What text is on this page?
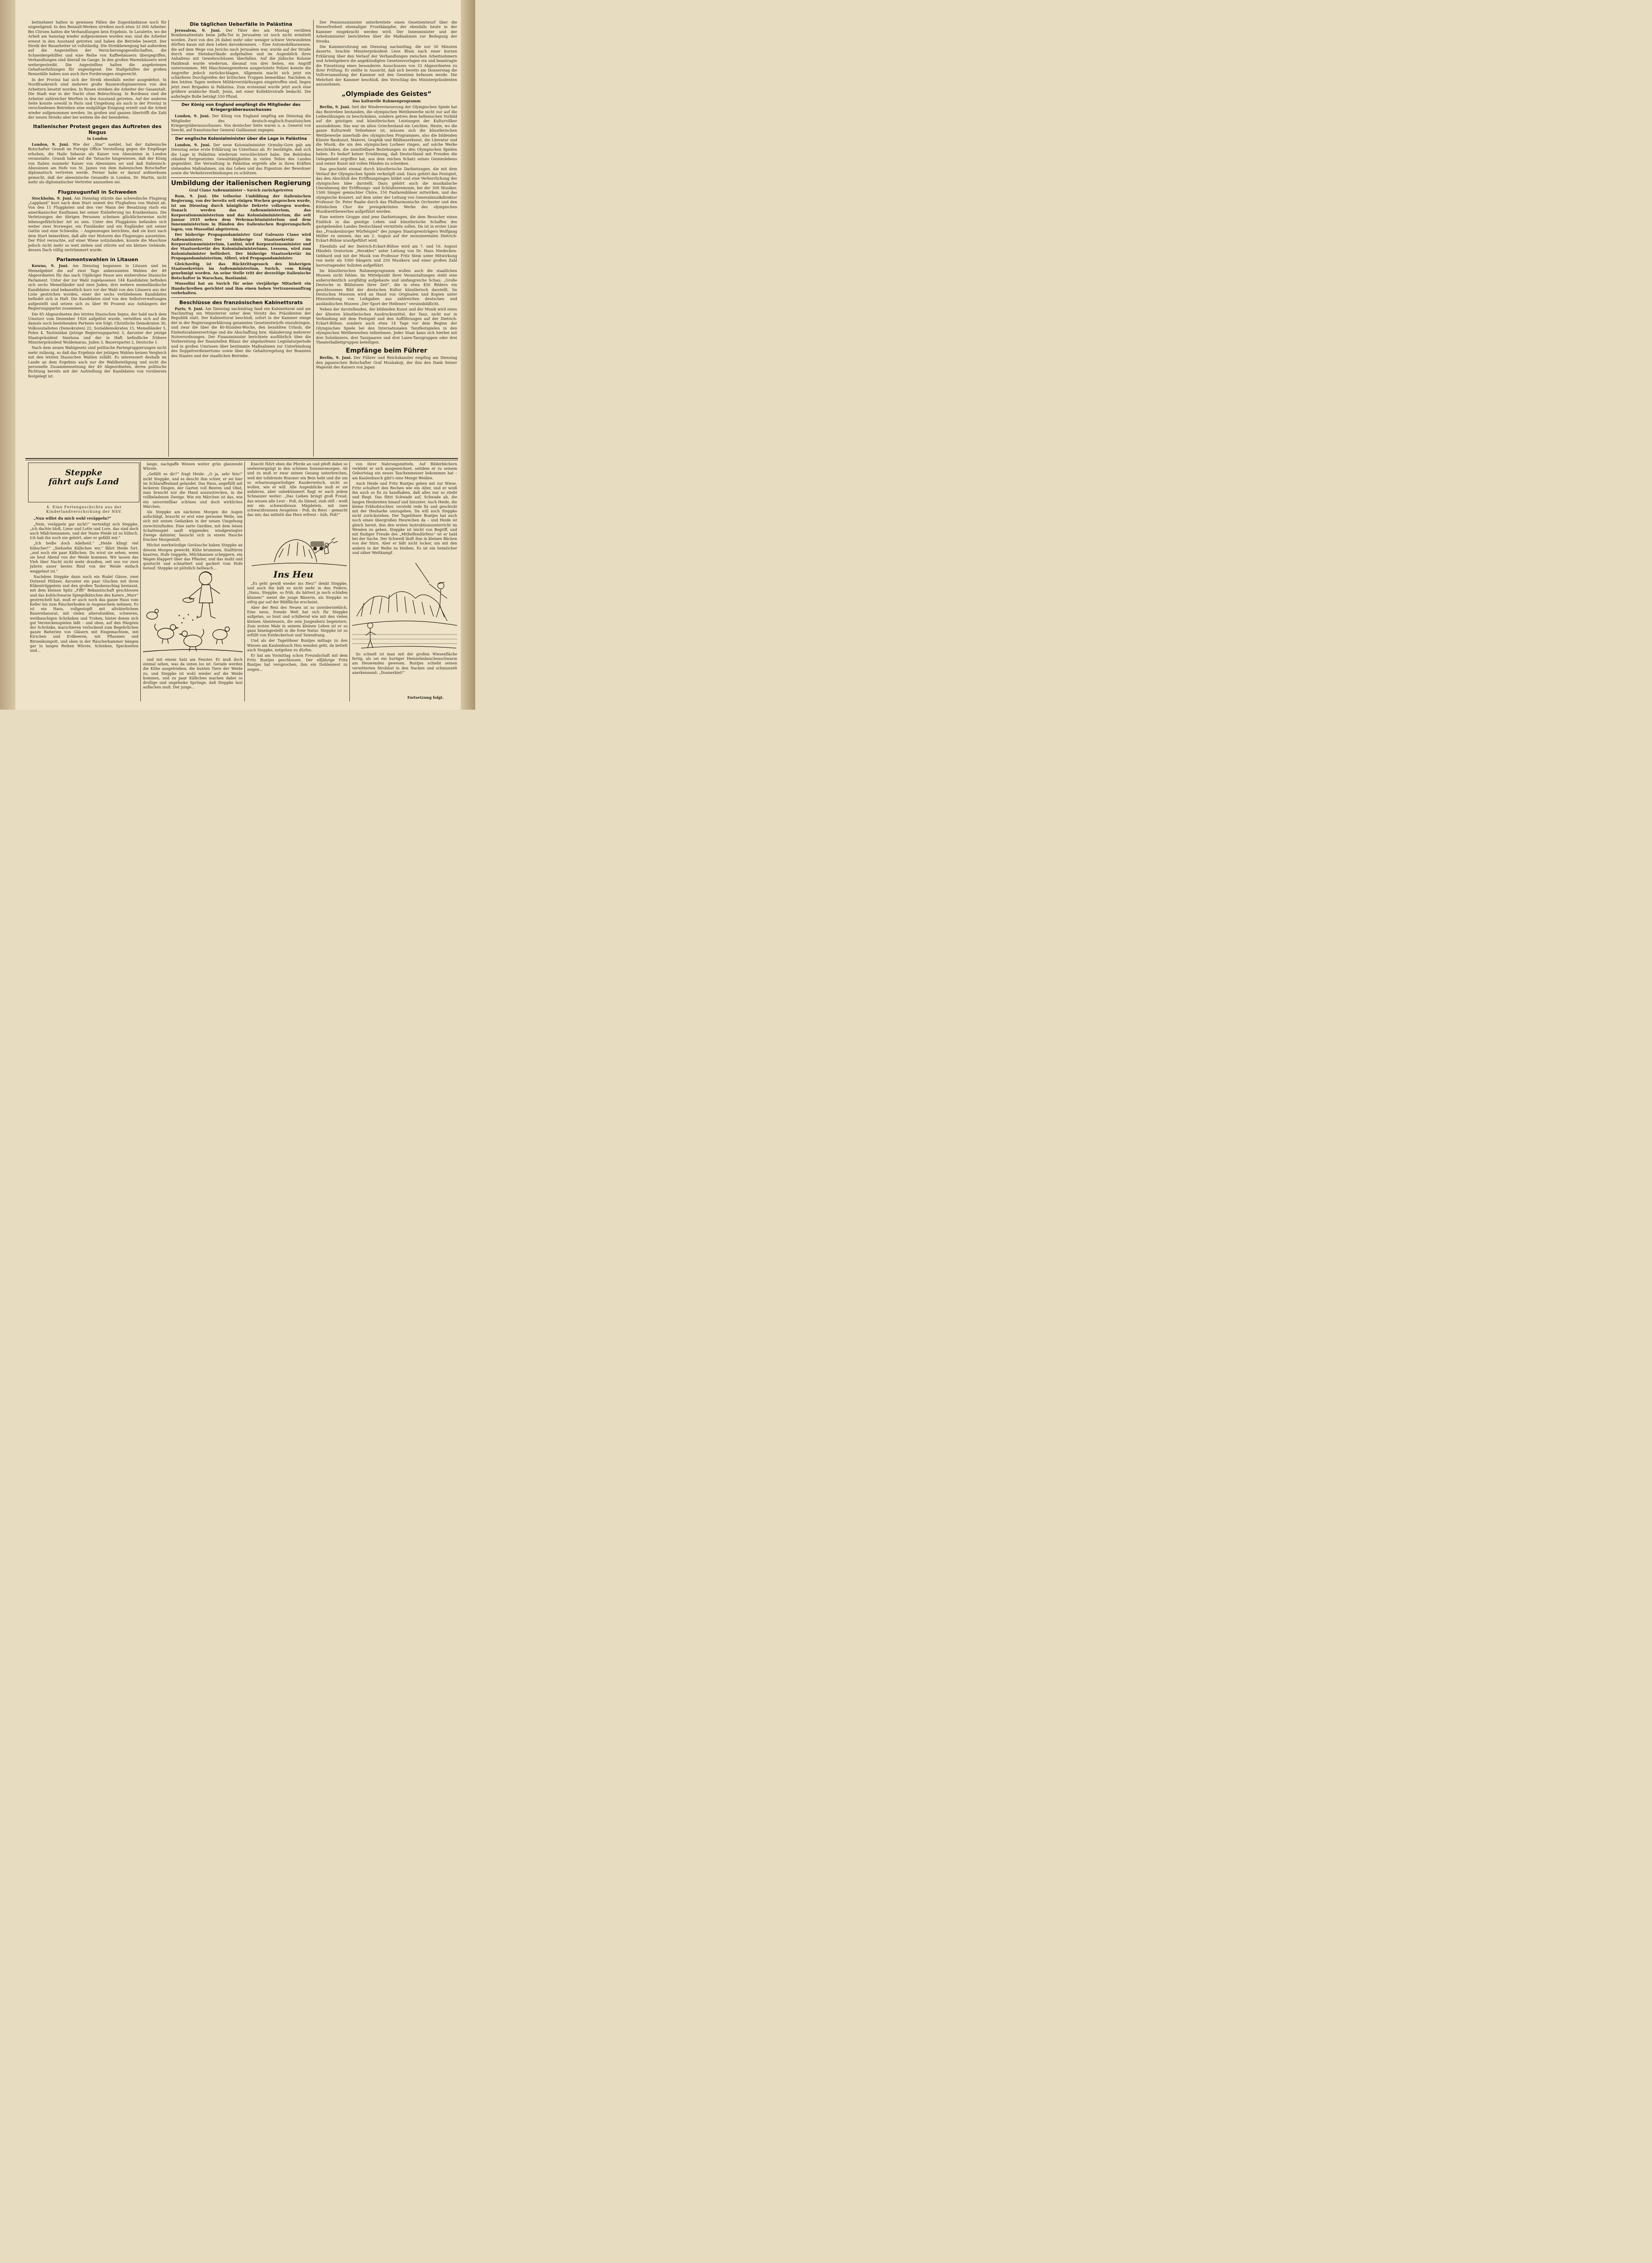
beitnehmer halten in gewissen Fällen die Zugeständnisse noch für ungenügend. In den Renault-Werken streiken noch etwa 32 000 Arbeiter. Bei Citroen hatten die Verhandlungen kein Ergebnis. In Lavalette, wo die Arbeit am Samstag wieder aufgenommen worden war, sind die Arbeiter erneut in den Ausstand getreten und haben die Betriebe besetzt. Der Streik der Bauarbeiter ist vollständig. Die Streikbewegung hat außerdem auf die Angestellten der Versicherungsgesellschaften, die Schneidergehilfen und eine Reihe von Kaffeehäusern übergegriffen. Verhandlungen sind überall im Gange. In den großen Warenhäusern wird weitergestreikt. Die Angestellten halten die angebotenen Gehaltserhöhungen für ungenügend. Die Stallgehilfen der großen Rennställe haben nun auch ihre Forderungen eingereicht.

In der Provinz hat sich der Streik ebenfalls weiter ausgedehnt. In Nordfrankreich sind mehrere große Baumwollspinnereien von den Arbeitern besetzt worden. In Rouen streiken die Arbeiter der Gasanstalt. Die Stadt war in der Nacht ohne Beleuchtung. In Bordeaux sind die Arbeiter zahlreicher Werften in den Ausstand getreten. Auf der anderen Seite konnte sowohl in Paris und Umgebung als auch in der Provinz in verschiedenen Betrieben eine endgültige Einigung erzielt und die Arbeit wieder aufgenommen werden. Im großen und ganzen übertrifft die Zahl der neuen Streiks aber bei weitem die der beendeten.

Italienischer Protest gegen das Auftreten des Negus
in London

London, 9. Juni. Wie der „Star“ meldet, hat der italienische Botschafter Grandi im Foreign Office Vorstellung gegen die Empfänge erhoben, die Haile Selassie als Kaiser von Abessinien in London veranstalte. Grandi habe auf die Tatsache hingewiesen, daß der König von Italien nunmehr Kaiser von Abessinien sei und daß Italienisch-Abessinien am Hofe von St. James von dem italienischen Botschafter diplomatisch vertreten werde. Ferner habe er darauf aufmerksam gemacht, daß der abessinische Gesandte in London, Dr. Martin, nicht mehr als diplomatischer Vertreter anzusehen sei.

Flugzeugunfall in Schweden

Stockholm, 9. Juni. Am Dienstag stürzte das schwedische Flugzeug „Lappland“ kurz nach dem Start unweit des Flughafens von Malmö ab. Von den 11 Fluggästen und den vier Mann der Besatzung starb ein amerikanischer Kaufmann bei seiner Einlieferung ins Krankenhaus. Die Verletzungen der übrigen Personen scheinen glücklicherweise nicht lebensgefährlicher Art zu sein. Unter den Fluggästen befanden sich weiter zwei Norweger, ein Finnländer und ein Engländer mit seiner Gattin und eine Schwedin. – Augenzeugen berichten, daß sie kurz nach dem Start bemerkten, daß alle vier Motoren des Flugzeuges aussetzten. Der Pilot versuchte, auf einer Wiese notzulanden, konnte die Maschine jedoch nicht mehr so weit ziehen und stürzte auf ein kleines Gebäude, dessen Dach völlig zertrümmert wurde.

Parlamentswahlen in Litauen

Kowno, 9. Juni. Am Dienstag begannen in Litauen und im Memelgebiet die auf zwei Tage anberaumten Wahlen der 49 Abgeordneten für das nach 10jähriger Pause neu einberufene litauische Parlament. Unter der zur Wahl zugelassenen 144 Kandidaten befinden sich sechs Memelländer und zwei Juden; drei weitere memelländische Kandidaten sind bekanntlich kurz vor der Wahl von den Litauern aus der Liste gestrichen worden, einer der sechs verbliebenen Kandidaten befindet sich in Haft. Die Kandidaten sind von den Selbstverwaltungen aufgestellt und setzen sich zu über 90 Prozent aus Anhängern der Regierungspartei zusammen.

Die 85 Abgeordneten des letzten litauischen Sejms, der bald nach dem Umsturz vom Dezember 1926 aufgelöst wurde, verteilten sich auf die damals noch bestehenden Parteien wie folgt: Christliche Demokraten 30, Volkssozialisten (Demokraten) 22, Sozialdemokraten 15, Memelländer 5, Polen 4, Tautininkai (jetzige Regierungspartei) 3, darunter der jetzige Staatspräsident Smetona und der in Haft befindliche frühere Ministerpräsident Woldemaras, Juden 3, Bauernpartei 2, Deutsche 1.

Nach dem neuen Wahlgesetz sind politische Parteigruppierungen nicht mehr zulässig, so daß das Ergebnis der jetzigen Wahlen keinen Vergleich mit den letzten litauischen Wahlen zuläßt. Es interessiert deshalb im Lande an dem Ergebnis auch nur die Wahlbeteiligung und nicht die personelle Zusammensetzung der 49 Abgeordneten, deren politische Richtung bereits mit der Aufstellung der Kandidaten von vornherein festgelegt ist.

Die täglichen Ueberfälle in Palästina

Jerusalem, 9. Juni. Der Täter des am Montag verübten Bombenattentats beim Jaffa-Tor in Jerusalem ist noch nicht ermittelt worden. Zwei von den 26 dabei mehr oder weniger schwer Verwundeten dürften kaum mit dem Leben davonkommen. – Eine Automobilkarawane, die auf dem Wege von Jericho nach Jerusalem war, wurde auf der Straße durch eine Steinbarrikade aufgehalten und im Augenblick ihres Anhaltens mit Gewehrschüssen überfallen. Auf die jüdische Kolonie Hatikwah wurde wiederum, diesmal von drei Seiten, ein Angriff unternommen. Mit Maschinengewehren ausgerüstete Polizei konnte die Angreifer jedoch zurückschlagen. Allgemein macht sich jetzt ein schärferes Durchgreifen der britischen Truppen bemerkbar. Nachdem in den letzten Tagen weitere Militärverstärkungen eingetroffen sind, liegen jetzt zwei Brigaden in Palästina. Zum erstenmal wurde jetzt auch eine größere arabische Stadt, Jenin, mit einer Kollektivstrafe bedacht. Die auferlegte Buße beträgt 550 Pfund.

Der König von England empfängt die Mitglieder des Kriegergräberausschusses

London, 9. Juni. Der König von England empfing am Dienstag die Mitglieder des deutsch-englisch-französischen Kriegergräberausschusses. Von deutscher Seite waren u. a. General von Seeckt, auf französischer General Guillaumat zugegen.

Der englische Kolonialminister über die Lage in Palästina

London, 9. Juni. Der neue Kolonialminister Ormsby-Gore gab am Dienstag seine erste Erklärung im Unterhaus ab. Er bestätigte, daß sich die Lage in Palästina wiederum verschlechtert habe. Die Behörden ständen fortgesetzten Gewalttätigkeiten in vielen Teilen des Landes gegenüber. Die Verwaltung in Palästina ergreife alle in ihren Kräften stehenden Maßnahmen, um das Leben und das Eigentum der Bewohner sowie die Verkehrsverbindungen zu schützen.

Umbildung der italienischen Regierung
Graf Ciano Außenminister – Suvich zurückgetreten

Rom, 9. Juni. Die teilweise Umbildung der italienischen Regierung, von der bereits seit einigen Wochen gesprochen wurde, ist am Dienstag durch königliche Dekrete vollzogen worden. Danach werden das Außenministerium, das Korporationsministerium und das Kolonialministerium, die seit Januar 1935 neben dem Wehrmachtministerium und dem Innenministerium in Händen des italienischen Regierungschefs lagen, von Mussolini abgetreten.

Der bisherige Propagandaminister Graf Galeazzo Ciano wird Außenminister. Der bisherige Staatssekretär im Korporationsministerium, Lantini, wird Korporationsminister und der Staatssekretär des Kolonialministeriums, Lessona, wird zum Kolonialminister befördert. Der bisherige Staatssekretär im Propagandaministerium, Alfieri, wird Propagandaminister.

Gleichzeitig ist das Rücktrittsgesuch des bisherigen Staatssekretärs im Außenministerium, Suvich, vom König genehmigt worden. An seine Stelle tritt der derzeitige italienische Botschafter in Warschau, Bastianini.

Mussolini hat an Suvich für seine vierjährige Mitarbeit ein Handschreiben gerichtet und ihm einen hohen Vertrauensauftrag vorbehalten.

Beschlüsse des französischen Kabinettsrats

Paris, 9. Juni. Am Dienstag nachmittag fand ein Kabinettsrat und am Nachmittag ein Ministerrat unter dem Vorsitz des Präsidenten der Republik statt. Der Kabinettsrat beschloß, sofort in der Kammer einige der in der Regierungserklärung genannten Gesetzentwürfe einzubringen, und zwar die über die 40-Stunden-Woche, den bezahlten Urlaub, die Einheitsrahmenverträge und die Abschaffung bzw. Abänderung mehrerer Notverordnungen. Der Finanzminister berichtete ausführlich über die Vorbereitung der finanziellen Bilanz der abgelaufenen Legislaturperiode und in großen Umrissen über bestimmte Maßnahmen zur Unterbindung des Doppelverdienertums sowie über die Gehaltsregelung der Beamten des Staates und der staatlichen Betriebe.

Der Pensionsminister unterbreitete einen Gesetzentwurf über die Steuerfreiheit ehemaliger Frontkämpfer, der ebenfalls heute in der Kammer eingebracht werden wird. Der Innenminister und der Arbeitsminister berichteten über die Maßnahmen zur Beilegung der Streiks.

Die Kammersitzung am Dienstag nachmittag, die nur 30 Minuten dauerte, brachte Ministerpräsident Léon Blum nach einer kurzen Erklärung über den Verlauf der Verhandlungen zwischen Arbeitnehmern und Arbeitgebern die angekündigten Gesetzesvorlagen ein und beantragte die Einsetzung eines besonderen Ausschusses von 33 Abgeordneten zu ihrer Prüfung. Er stellte in Aussicht, daß sich bereits am Donnerstag die Vollversammlung der Kammer mit den Gesetzen befassen werde. Die Mehrheit der Kammer beschloß, den Vorschlag des Ministerpräsidenten anzunehmen.

„Olympiade des Geistes“
Das kulturelle Rahmenprogramm

Berlin, 9. Juni. Seit der Wiedererneuerung der Olympischen Spiele hat das Bestreben bestanden, die olympischen Wettbewerbe nicht nur auf die Leibesübungen zu beschränken, sondern getreu dem hellenischen Vorbild auf die geistigen und künstlerischen Leistungen der Kulturvölker auszudehnen. Das war im alten Griechenland ein Leichtes. Heute, wo die ganze Kulturwelt Teilnehmer ist, müssen sich die künstlerischen Wettbewerbe innerhalb des olympischen Programmes, also die bildenden Künste Baukunst, Malerei, Graphik und Bildhauerkunst, die Literatur und die Musik, die um den olympischen Lorbeer ringen, auf solche Werke beschränken, die unmittelbare Beziehungen zu den Olympischen Spielen haben. Es bedarf keiner Erwähnung, daß Deutschland mit Freuden die Gelegenheit ergriffen hat, aus dem reichen Schatz seines Geisteslebens und seiner Kunst mit vollen Händen zu schenken.

Das geschieht einmal durch künstlerische Darbietungen, die mit dem Verlauf der Olympischen Spiele verknüpft sind. Dazu gehört das Festspiel, das den Abschluß des Eröffnungstages bildet und eine Verherrlichung der olympischen Idee darstellt. Dazu gehört auch die musikalische Umrahmung der Eröffnungs- und Schlußzeremonie, bei der 300 Musiker, 1500 Sänger gemischter Chöre, 150 Fanfarenbläser mitwirken, und das olympische Konzert, auf dem unter der Leitung von Generalmusikdirektor Professor Dr. Peter Raabe durch das Philharmonische Orchester und den Kittelschen Chor die preisgekrönten Werke des olympischen Musikwettbewerbes aufgeführt werden.

Eine weitere Gruppe sind jene Darbietungen, die dem Besucher einen Einblick in das geistige Leben und künstlerische Schaffen des gastgebenden Landes Deutschland vermitteln sollen. Da ist in erster Linie das „Frankenburger Würfelspiel“ des jungen Staatspreisträgers Wolfgang Möller zu nennen, das am 2. August auf der monumentalen Dietrich-Eckart-Bühne uraufgeführt wird.

Ebenfalls auf der Dietrich-Eckart-Bühne wird am 7. und 16. August Händels Oratorium „Herakles“ unter Leitung von Dr. Hans Niedecken-Gebhard und mit der Musik von Professor Fritz Stein unter Mitwirkung von mehr als 1000 Sängern und 250 Musikern und einer großen Zahl hervorragender Solisten aufgeführt.

Im künstlerischen Rahmenprogramm wollen auch die staatlichen Museen nicht fehlen. Im Mittelpunkt ihrer Veranstaltungen steht eine außerordentlich sorgfältig aufgebaute und umfangreiche Schau: „Große Deutsche in Bildnissen ihrer Zeit“, die in etwa 450 Bildern ein geschlossenes Bild der deutschen Kultur künstlerisch darstellt. Im Deutschen Museum wird an Hand von Originalen und Kopien unter Hinzuziehung von Leihgaben aus zahlreichen deutschen und ausländischen Museen „Der Sport der Hellenen“ versinnbildlicht.

Neben der darstellenden, der bildenden Kunst und der Musik wird eines der ältesten künstlerischen Ausdrucksmittel, der Tanz, nicht nur in Verbindung mit dem Festspiel und den Aufführungen auf der Dietrich-Eckart-Bühne, sondern auch etwa 14 Tage vor dem Beginn der Olympischen Spiele bei den Internationalen Tanzfestspielen in den olympischen Wettbewerben teilnehmen. Jeder Staat kann sich hierbei mit drei Solotänzern, drei Tanzpaaren und drei Laien-Tanzgruppen oder drei Theaterballettgruppen beteiligen.

Empfänge beim Führer

Berlin, 9. Juni. Der Führer und Reichskanzler empfing am Dienstag den japanischen Botschafter Graf Mushakoji, der ihm den Dank Seiner Majestät des Kaisers von Japan

Steppke
fährt aufs Land
4. Eine Fertengeschichte aus der Kinderlandverschickung der NSV.

„Nun willst du mich wohl veräppeln?“

„Nein, veräppeln gar nicht!“ verteidigt sich Steppke, „ich dachte bloß, Liese und Lotte und Lore, das sind doch auch Mädchennamen, und der Name Heide ist so hübsch. Ich hab ihn noch nie gehört, aber er gefällt mir.“

„Ich heiße doch Adelheid.“ „Heide klingt viel hübscher!“ „Siehzehn Kälbchen wir,“ fährt Heide fort, „und noch ein paar Kälbchen. Du wirst sie sehen, wenn sie heut Abend von der Weide kommen. Wir lassen das Vieh über Nacht nicht mehr draußen, seit uns vor zwei Jahren unser bestes Rind von der Weide einfach weggelaut ist.“

Nachdem Steppke dann noch ein Rudel Gänse, zwei Dutzend Hühner, darunter ein paar Glucken mit ihren Kükentrüppelein und den großen Taubenschlag bestaunt, mit dem kleinen Spitz „Fiffi“ Bekanntschaft geschlossen und das kohlschwarze Spiegelkätzchen des Katers „Murr“ gestreichelt hat, muß er auch noch das ganze Haus vom Keller bis zum Räucherboden in Augenschein nehmen. Es ist ein Haus, vollgestopft mit altväterlichem Bauernhausrat, mit vielen altersdunklen, schweren, weitbauchigen Schränken und Truhen, hinter denen sich gut Versteckenspielen läßt – und oben, auf den Häupten der Schränke, marschieren verlockend zum Begehrlichen ganze Batterien von Gläsern mit Eingemachtem, mit Kirschen und Erdbeeren, mit Pflaumen und Birnenkompott, und oben in der Räucherkammer hängen gar in langen Reihen Würste, Schinken, Speckseiten und...

lange, nachgaffe Wiesen weiter grün glanzende Würste.

„Gefällt es dir?“ fragt Heide. „O ja, sehr fein!“ nickt Steppke, und es deucht ihm schier, er sei hier im Schlaraffenland gelandet. Das Haus, angefüllt mit leckeren Dingen, der Garten voll Beeren und Obst, man braucht nur die Hand auszustrecken, in die vollbeladenen Zweige. Wie ein Märchen ist das, wie ein unvorstellbar schönes und doch wirkliches Märchen.

Als Steppke am nächsten Morgen die Augen aufschlägt, braucht er erst eine geraume Weile, um sich mit seinen Gedanken in der neuen Umgebung zurechtzufinden. Eine zarte Gardine, mit dem leisen Schattenspiel sanft wippender, windgewiegter Zweige dahinter, bauscht sich in einem Hauche frischer Morgenluft.

Höchst merkwürdige Geräusche haben Steppke an diesem Morgen geweckt. Kühe brummen, Stalltüren knarren, Hufe trappeln, Milchkannen scheppern, ein Wagen klappert über das Pflaster, und das muht und quietscht und schnattert und gackert vom Hofe herauf. Steppke ist plötzlich hellwach...

und mit einem Satz am Fenster. Er muß doch einmal sehen, was da unten los ist. Gerade werden die Kühe ausgetrieben, die bunten Tiere der Weide zu, und Steppke ist wohl wieder auf die Weide kommen, und zu paar Kälbchen machen dabei so drollige und ungelenke Sprünge, daß Steppke laut auflachen muß. Der junge...

Knecht führt eben die Pferde an und pfeift dabei so seelenvergnügt in den schönen Sommermorgen. Ab und zu muß er zwar seinen Gesang unterbrechen, weil der tolldreiste Brauner ein Bein hebt und die um so erbarmungswürdiger Kauderwelsch, nicht so wollen, wie er will. Alle Augenblicke muß er sie anfahren, aber unbekümmert fingt er nach jedem Schnauzer weiter: „Das Lieben bringt groß Freud, das wissen alle Leut – Poß, du Dämel, stah still – weiß mir ein schwarzbraun Mägdelein, mit zwei schwarzbraunen Aeugelein – Poß, du Biest – gemacht das mir, das mittelit das Herz erfreut – hüh, Poß!“

Ins Heu

„Es geht gewiß wieder ins Heu!“ denkt Steppke, und auch ihn hält es nicht mehr in den Federn. „Nanu, Steppke, so früh, du hättest ja noch schlafen können!“ meint die junge Bäuerin, als Steppke so eifrig gar auf der Bildfläche erscheint.

Aber der Reiz des Neuen ist so unwiderstehlich. Eine neue, fremde Welt hat sich für Steppke aufgetan, so bunt und schillernd wie mit den vielen kleinen Abenteuern, die sein Jungenherz begeistern. Zum ersten Male in seinem kleinen Leben ist er so ganz hineingestellt in die freie Natur. Steppke ist so erfüllt von Entdeckerlust und Tatendrang.

Und als der Tagelöhner Buntjes mittags zu den Wiesen am Kaulenbusch Heu wenden geht, da bettelt auch Steppke, mitgehen zu dürfen.

Er hat am Vormittag schon Freundschaft mit dem Fritz Buntjes geschlossen. Der elfjährige Fritz Buntjes hat versprochen, ihm ein Dohlennest zu zeigen...

von ihrer Nahrungsmitteln. Auf Bilderbüchern verklebt er sich ausgezeichnet, seitdem er zu seinem Geburtstag ein neues Taschenmesser bekommen hat – am Kaulenbusch gibt's eine Menge Weiden.

Auch Heide und Fritz Buntjes gehen mit zur Wiese. Fritz schultert den Rechen wie ein Alter, und er weiß ihn auch so fix zu handhaben, daß alles nur so stiebt und fliegt. Das flitzt Schwade auf, Schwade ab, die langen Heubreiten hinauf und hinunter. Auch Heide, die kleine Erbhofstochter, versteht rede fix und geschickt mit der Heuharke umzugehen. Da will auch Steppke nicht zurückstehen. Der Tagelöhner Buntjes hat auch noch einen übergroßen Heurechen da – und Heide ist gleich bereit, ihm den ersten Instruktionsunterricht im Wenden zu geben. Steppke ist leicht von Begriff, und mit findiger Freude des „Mithelfendürfens“ ist er bald bei der Sache. Der Schweiß läuft ihm in kleinen Bächen von der Stirn. Aber er läßt nicht locker, um mit den andern in der Reihe zu bleiben. Es ist ein heimlicher und zäher Wettkampf.

So schnell ist man mit der großen Wiesenfläche fertig, als sei ein hurtiger Heinzelmännchenschwarm am Heuwenden gewesen. Buntjes schiebt seinen verwitterten Strohhut in den Nacken und schmunzelt anerkennend: „Donnerkiel!“

Fortsetzung folgt.
